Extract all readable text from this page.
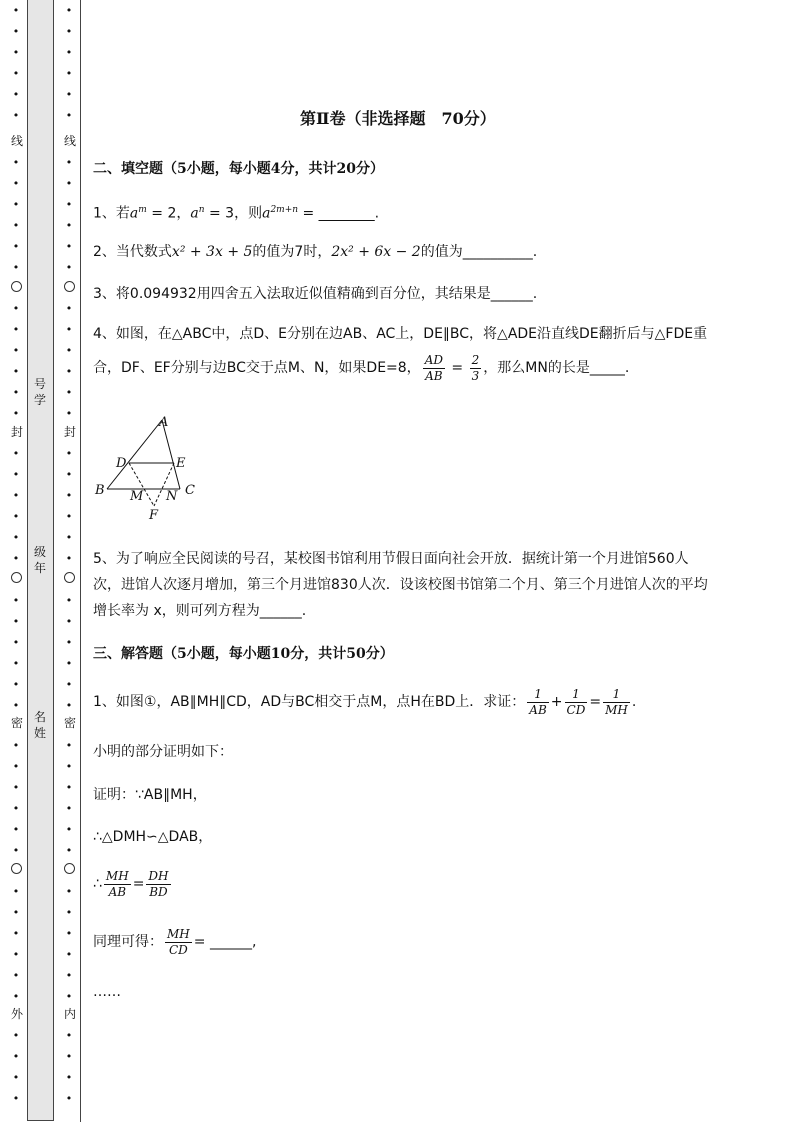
•
•
•
•
•
•
线
•
•
•
•
•
•
•
•
•
•
•
•
封
•
•
•
•
•
•
•
•
•
•
•
•
密
•
•
•
•
•
•
•
•
•
•
•
•
外
•
•
•
•
号
学
级
年
名
姓
•
•
•
•
•
•
线
•
•
•
•
•
•
•
•
•
•
•
•
封
•
•
•
•
•
•
•
•
•
•
•
•
密
•
•
•
•
•
•
•
•
•
•
•
•
内
•
•
•
•
第Ⅱ卷（非选择题　70分）
二、填空题（5小题，每小题4分，共计20分）
1、若$a^m = 2$，$a^n = 3$，则$a^{2m+n}$ = ________.
2、当代数式x² + 3x + 5的值为7时，2x² + 6x − 2的值为__________.
3、将0.094932用四舍五入法取近似值精确到百分位，其结果是______.
4、如图，在△ABC中，点D、E分别在边AB、AC上，DE∥BC，将△ADE沿直线DE翻折后与△FDE重
合，DF、EF分别与边BC交于点M、N，如果DE=8， $\frac{AD}{AB} = \frac{2}{3}$ ，那么MN的长是_____.
A
B	C
D	E
F
M N
5、为了响应全民阅读的号召，某校图书馆利用节假日面向社会开放．据统计第一个月进馆560人
次，进馆人次逐月增加，第三个月进馆830人次．设该校图书馆第二个月、第三个月进馆人次的平均
增长率为 x，则可列方程为______.
三、解答题（5小题，每小题10分，共计50分）
1、如图①，AB∥MH∥CD，AD与BC相交于点M，点H在BD上．求证： $\frac{1}{AB} + \frac{1}{CD} = \frac{1}{MH}$ .
小明的部分证明如下：
证明：∵AB∥MH，
∴△DMH∽△DAB，
∴ $\frac{MH}{AB} = \frac{DH}{BD}$
同理可得： $\frac{MH}{CD}$ = ______,
……
